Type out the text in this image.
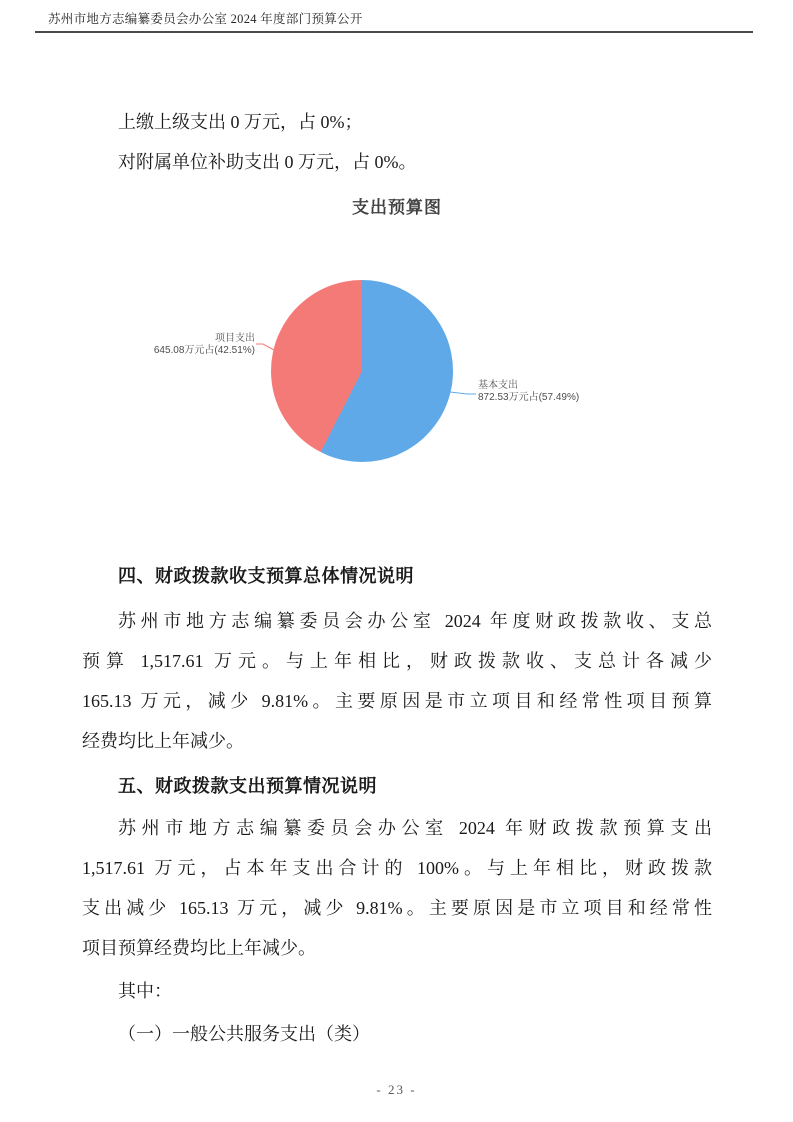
苏州市地方志编纂委员会办公室 2024 年度部门预算公开
上缴上级支出 0 万元，占 0%；
对附属单位补助支出 0 万元，占 0%。
支出预算图
项目支出
645.08万元占(42.51%)
基本支出
872.53万元占(57.49%)
四、财政拨款收支预算总体情况说明
苏州市地方志编纂委员会办公室 2024 年度财政拨款收、支总
预算 1,517.61 万元。与上年相比，财政拨款收、支总计各减少
165.13 万元，减少 9.81%。主要原因是市立项目和经常性项目预算
经费均比上年减少。
五、财政拨款支出预算情况说明
苏州市地方志编纂委员会办公室 2024 年财政拨款预算支出
1,517.61 万元，占本年支出合计的 100%。与上年相比，财政拨款
支出减少 165.13 万元，减少 9.81%。主要原因是市立项目和经常性
项目预算经费均比上年减少。
其中：
（一）一般公共服务支出（类）
- 23 -
